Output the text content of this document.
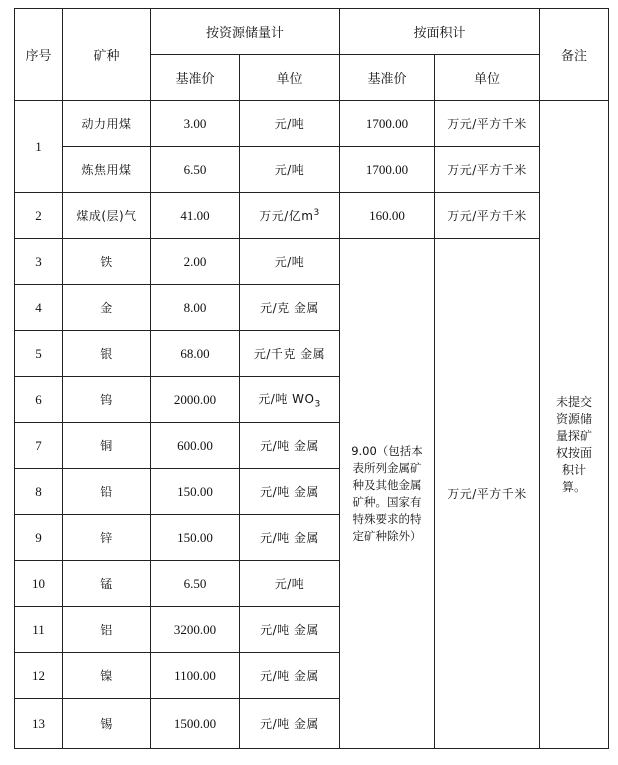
序号	矿种	按资源储量计		按面积计		备注
		基准价	单位	基准价	单位	
1	动力用煤	3.00	元/吨	1700.00	万元/平方千米	未提交资源储量探矿权按面积计算。
	炼焦用煤	6.50	元/吨	1700.00	万元/平方千米	
2	煤成(层)气	41.00	万元/亿$m^3$	160.00	万元/平方千米	
3	铁	2.00	元/吨	9.00（包括本表所列金属矿种及其他金属矿种。国家有特殊要求的特定矿种除外）	万元/平方千米	
4	金	8.00	元/克 金属			
5	银	68.00	元/千克 金属			
6	钨	2000.00	元/吨 $WO_3$
7	铜	600.00	元/吨 金属			
8	铅	150.00	元/吨 金属			
9	锌	150.00	元/吨 金属			
10	锰	6.50	元/吨			
11	铝	3200.00	元/吨 金属			
12	镍	1100.00	元/吨 金属			
13	锡	1500.00	元/吨 金属			
